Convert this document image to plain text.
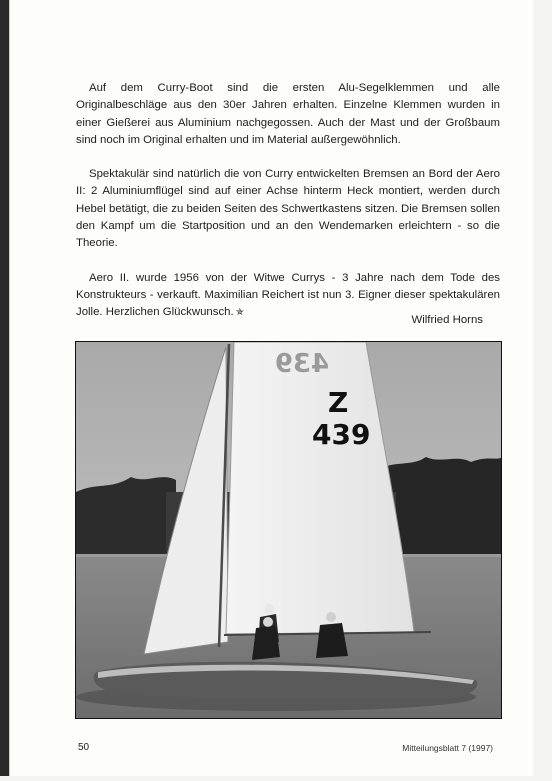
Auf dem Curry-Boot sind die ersten Alu-Segelklemmen und alle Originalbeschläge aus den 30er Jahren erhalten. Einzelne Klemmen wurden in einer Gießerei aus Aluminium nachgegossen. Auch der Mast und der Großbaum sind noch im Original erhalten und im Material außergewöhnlich.

Spektakulär sind natürlich die von Curry entwickelten Bremsen an Bord der Aero II: 2 Aluminiumflügel sind auf einer Achse hinterm Heck montiert, werden durch Hebel betätigt, die zu beiden Seiten des Schwertkastens sitzen. Die Bremsen sollen den Kampf um die Startposition und an den Wendemarken erleichtern - so die Theorie.

Aero II. wurde 1956 von der Witwe Currys - 3 Jahre nach dem Tode des Konstrukteurs - verkauft. Maximilian Reichert ist nun 3. Eigner dieser spektakulären Jolle. Herzlichen Glückwunsch. ✯

Wilfried Horns
439
Z
439
50	Mitteilungsblatt 7 (1997)
